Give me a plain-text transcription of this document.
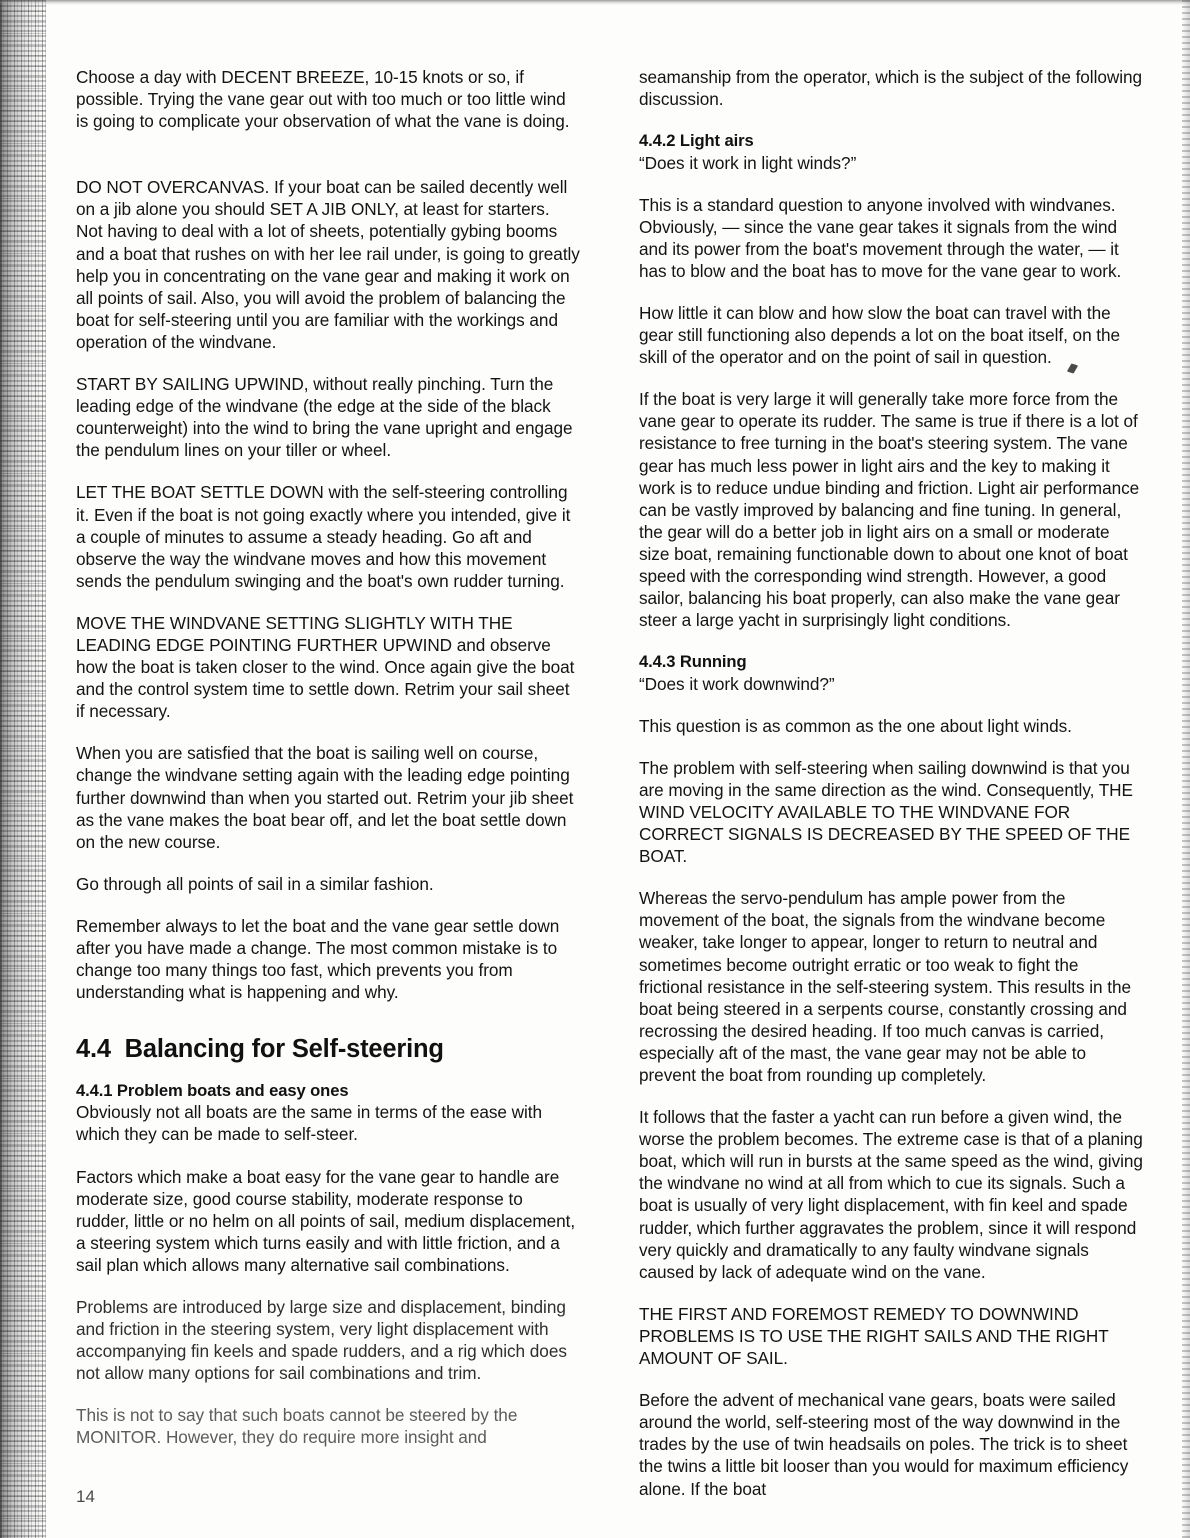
Choose a day with DECENT BREEZE, 10-15 knots or so, if possible. Trying the vane gear out with too much or too little wind is going to complicate your observation of what the vane is doing.

DO NOT OVERCANVAS. If your boat can be sailed decently well on a jib alone you should SET A JIB ONLY, at least for starters. Not having to deal with a lot of sheets, potentially gybing booms and a boat that rushes on with her lee rail under, is going to greatly help you in concentrating on the vane gear and making it work on all points of sail. Also, you will avoid the problem of balancing the boat for self-steering until you are familiar with the workings and operation of the windvane.

START BY SAILING UPWIND, without really pinching. Turn the leading edge of the windvane (the edge at the side of the black counterweight) into the wind to bring the vane upright and engage the pendulum lines on your tiller or wheel.

LET THE BOAT SETTLE DOWN with the self-steering controlling it. Even if the boat is not going exactly where you intended, give it a couple of minutes to assume a steady heading. Go aft and observe the way the windvane moves and how this movement sends the pendulum swinging and the boat's own rudder turning.

MOVE THE WINDVANE SETTING SLIGHTLY WITH THE LEADING EDGE POINTING FURTHER UPWIND and observe how the boat is taken closer to the wind. Once again give the boat and the control system time to settle down. Retrim your sail sheet if necessary.

When you are satisfied that the boat is sailing well on course, change the windvane setting again with the leading edge pointing further downwind than when you started out. Retrim your jib sheet as the vane makes the boat bear off, and let the boat settle down on the new course.

Go through all points of sail in a similar fashion.

Remember always to let the boat and the vane gear settle down after you have made a change. The most common mistake is to change too many things too fast, which prevents you from understanding what is happening and why.

4.4 Balancing for Self-steering
4.4.1 Problem boats and easy ones
Obviously not all boats are the same in terms of the ease with which they can be made to self-steer.

Factors which make a boat easy for the vane gear to handle are moderate size, good course stability, moderate response to rudder, little or no helm on all points of sail, medium displacement, a steering system which turns easily and with little friction, and a sail plan which allows many alternative sail combinations.

Problems are introduced by large size and displacement, binding and friction in the steering system, very light displacement with accompanying fin keels and spade rudders, and a rig which does not allow many options for sail combinations and trim.

This is not to say that such boats cannot be steered by the MONITOR. However, they do require more insight and

seamanship from the operator, which is the subject of the following discussion.

4.4.2 Light airs
“Does it work in light winds?”

This is a standard question to anyone involved with windvanes. Obviously, — since the vane gear takes it signals from the wind and its power from the boat's movement through the water, — it has to blow and the boat has to move for the vane gear to work.

How little it can blow and how slow the boat can travel with the gear still functioning also depends a lot on the boat itself, on the skill of the operator and on the point of sail in question.

If the boat is very large it will generally take more force from the vane gear to operate its rudder. The same is true if there is a lot of resistance to free turning in the boat's steering system. The vane gear has much less power in light airs and the key to making it work is to reduce undue binding and friction. Light air performance can be vastly improved by balancing and fine tuning. In general, the gear will do a better job in light airs on a small or moderate size boat, remaining functionable down to about one knot of boat speed with the corresponding wind strength. However, a good sailor, balancing his boat properly, can also make the vane gear steer a large yacht in surprisingly light conditions.

4.4.3 Running
“Does it work downwind?”

This question is as common as the one about light winds.

The problem with self-steering when sailing downwind is that you are moving in the same direction as the wind. Consequently, THE WIND VELOCITY AVAILABLE TO THE WINDVANE FOR CORRECT SIGNALS IS DECREASED BY THE SPEED OF THE BOAT.

Whereas the servo-pendulum has ample power from the movement of the boat, the signals from the windvane become weaker, take longer to appear, longer to return to neutral and sometimes become outright erratic or too weak to fight the frictional resistance in the self-steering system. This results in the boat being steered in a serpents course, constantly crossing and recrossing the desired heading. If too much canvas is carried, especially aft of the mast, the vane gear may not be able to prevent the boat from rounding up completely.

It follows that the faster a yacht can run before a given wind, the worse the problem becomes. The extreme case is that of a planing boat, which will run in bursts at the same speed as the wind, giving the windvane no wind at all from which to cue its signals. Such a boat is usually of very light displacement, with fin keel and spade rudder, which further aggravates the problem, since it will respond very quickly and dramatically to any faulty windvane signals caused by lack of adequate wind on the vane.

THE FIRST AND FOREMOST REMEDY TO DOWNWIND PROBLEMS IS TO USE THE RIGHT SAILS AND THE RIGHT AMOUNT OF SAIL.

Before the advent of mechanical vane gears, boats were sailed around the world, self-steering most of the way downwind in the trades by the use of twin headsails on poles. The trick is to sheet the twins a little bit looser than you would for maximum efficiency alone. If the boat

14
